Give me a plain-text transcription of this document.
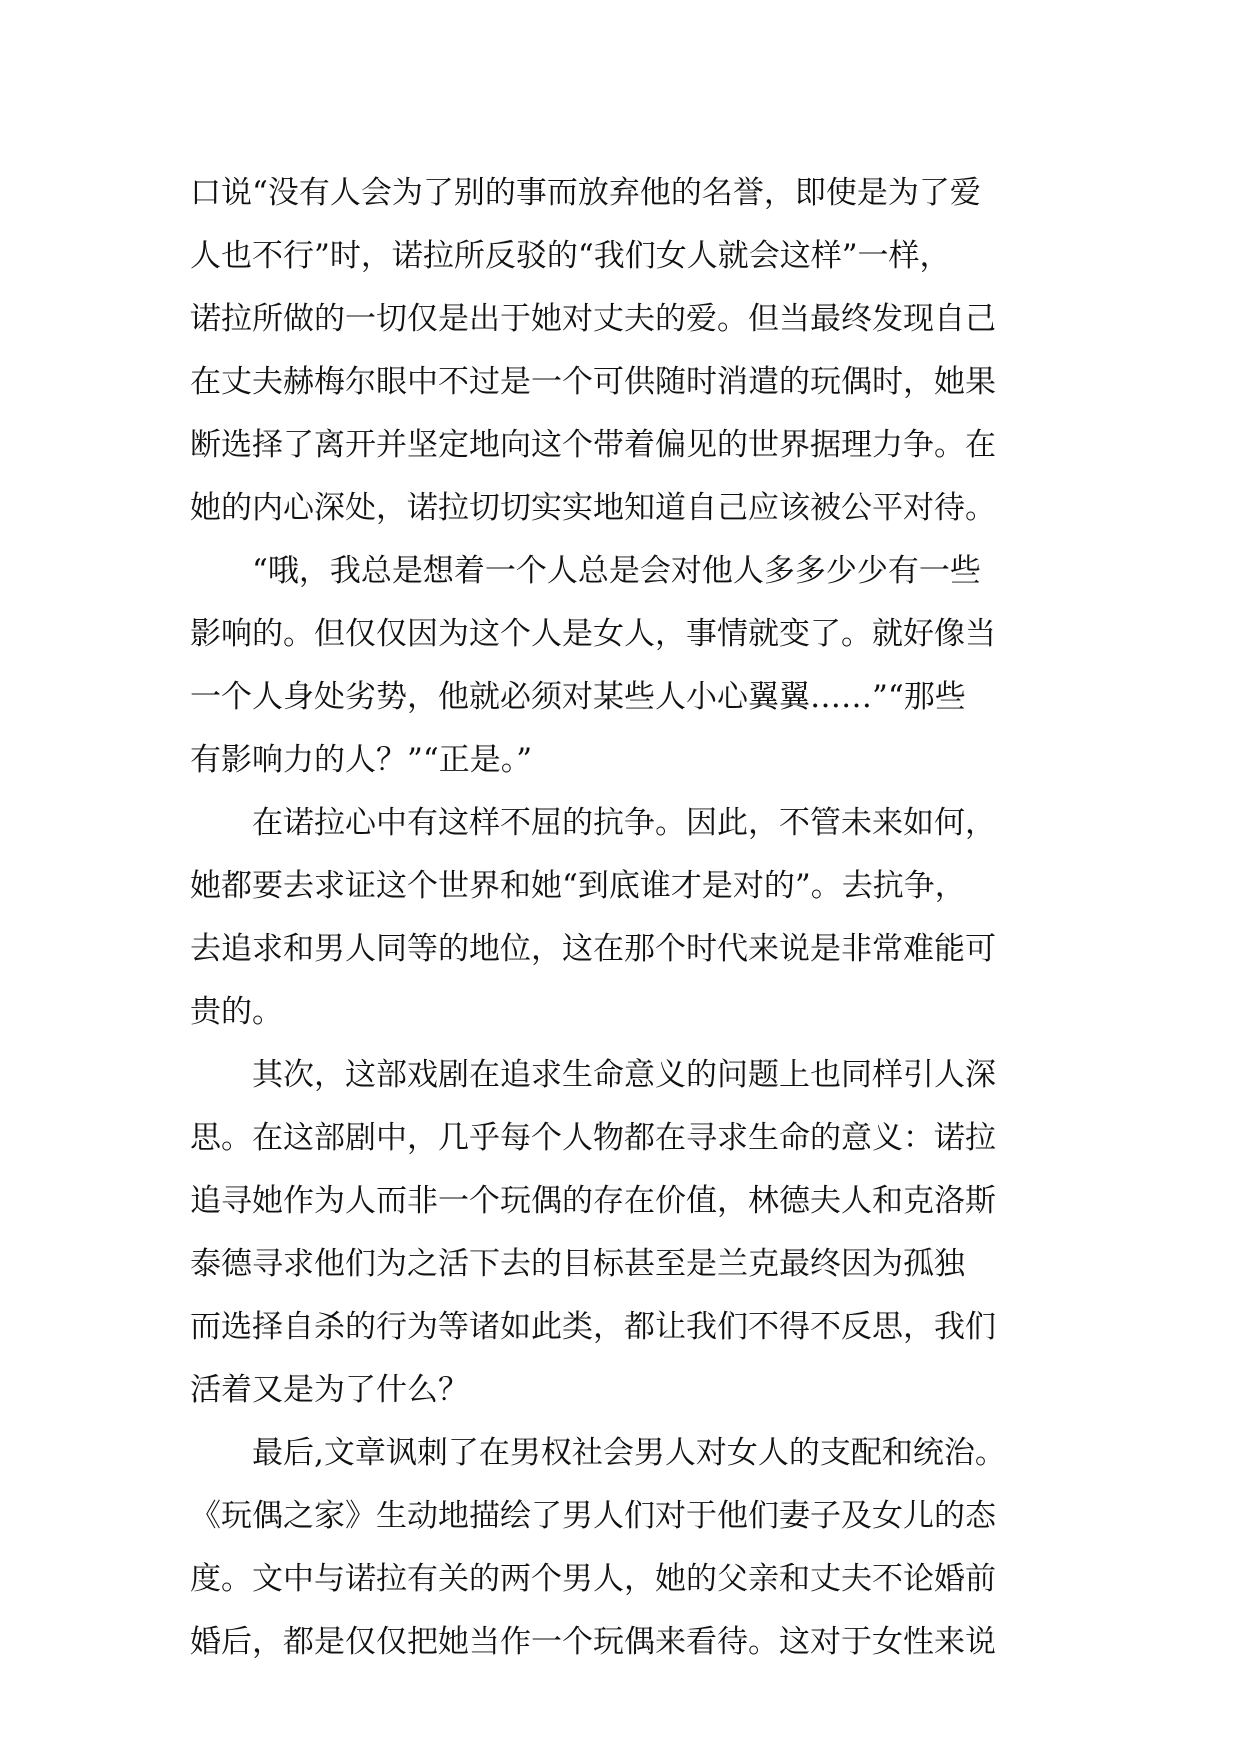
口说“没有人会为了别的事而放弃他的名誉，即使是为了爱
人也不行”时，诺拉所反驳的“我们女人就会这样”一样，
诺拉所做的一切仅是出于她对丈夫的爱。但当最终发现自己
在丈夫赫梅尔眼中不过是一个可供随时消遣的玩偶时，她果
断选择了离开并坚定地向这个带着偏见的世界据理力争。在
她的内心深处，诺拉切切实实地知道自己应该被公平对待。
“哦，我总是想着一个人总是会对他人多多少少有一些
影响的。但仅仅因为这个人是女人，事情就变了。就好像当
一个人身处劣势，他就必须对某些人小心翼翼……”“那些
有影响力的人？”“正是。”
在诺拉心中有这样不屈的抗争。因此，不管未来如何，
她都要去求证这个世界和她“到底谁才是对的”。去抗争，
去追求和男人同等的地位，这在那个时代来说是非常难能可
贵的。
其次，这部戏剧在追求生命意义的问题上也同样引人深
思。在这部剧中，几乎每个人物都在寻求生命的意义：诺拉
追寻她作为人而非一个玩偶的存在价值，林德夫人和克洛斯
泰德寻求他们为之活下去的目标甚至是兰克最终因为孤独
而选择自杀的行为等诸如此类，都让我们不得不反思，我们
活着又是为了什么？
最后,文章讽刺了在男权社会男人对女人的支配和统治。
《玩偶之家》生动地描绘了男人们对于他们妻子及女儿的态
度。文中与诺拉有关的两个男人，她的父亲和丈夫不论婚前
婚后，都是仅仅把她当作一个玩偶来看待。这对于女性来说
